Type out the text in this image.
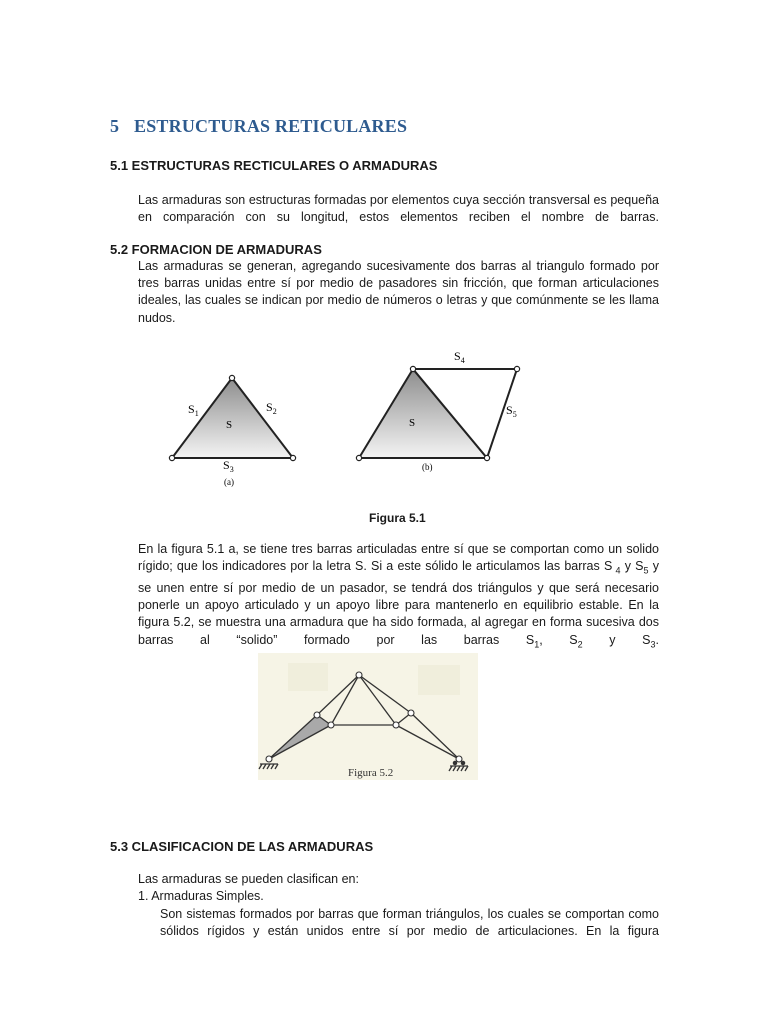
5 ESTRUCTURAS RETICULARES
5.1 ESTRUCTURAS RECTICULARES O ARMADURAS
Las armaduras son estructuras formadas por elementos cuya sección transversal es pequeña en comparación con su longitud, estos elementos reciben el nombre de barras.
5.2 FORMACION DE ARMADURAS
Las armaduras se generan, agregando sucesivamente dos barras al triangulo formado por tres barras unidas entre sí por medio de pasadores sin fricción, que forman articulaciones ideales, las cuales se indican por medio de números o letras y que comúnmente se les llama nudos.
$S_1$	$S_2$
S
$S_3$
(a)
$S_4$
$S_5$
S
(b)
Figura 5.1
En la figura 5.1 a, se tiene tres barras articuladas entre sí que se comportan como un solido rígido; que los indicadores por la letra S. Si a este sólido le articulamos las barras S $_4$ y $S_5$ y se unen entre sí por medio de un pasador, se tendrá dos triángulos y que será necesario ponerle un apoyo articulado y un apoyo libre para mantenerlo en equilibrio estable. En la figura 5.2, se muestra una armadura que ha sido formada, al agregar en forma sucesiva dos barras al “solido” formado por las barras $S_1$, $S_2$ y $S_3$.
Figura 5.2
5.3 CLASIFICACION DE LAS ARMADURAS
Las armaduras se pueden clasifican en:
1. Armaduras Simples.
Son sistemas formados por barras que forman triángulos, los cuales se comportan como sólidos rígidos y están unidos entre sí por medio de articulaciones. En la figura
